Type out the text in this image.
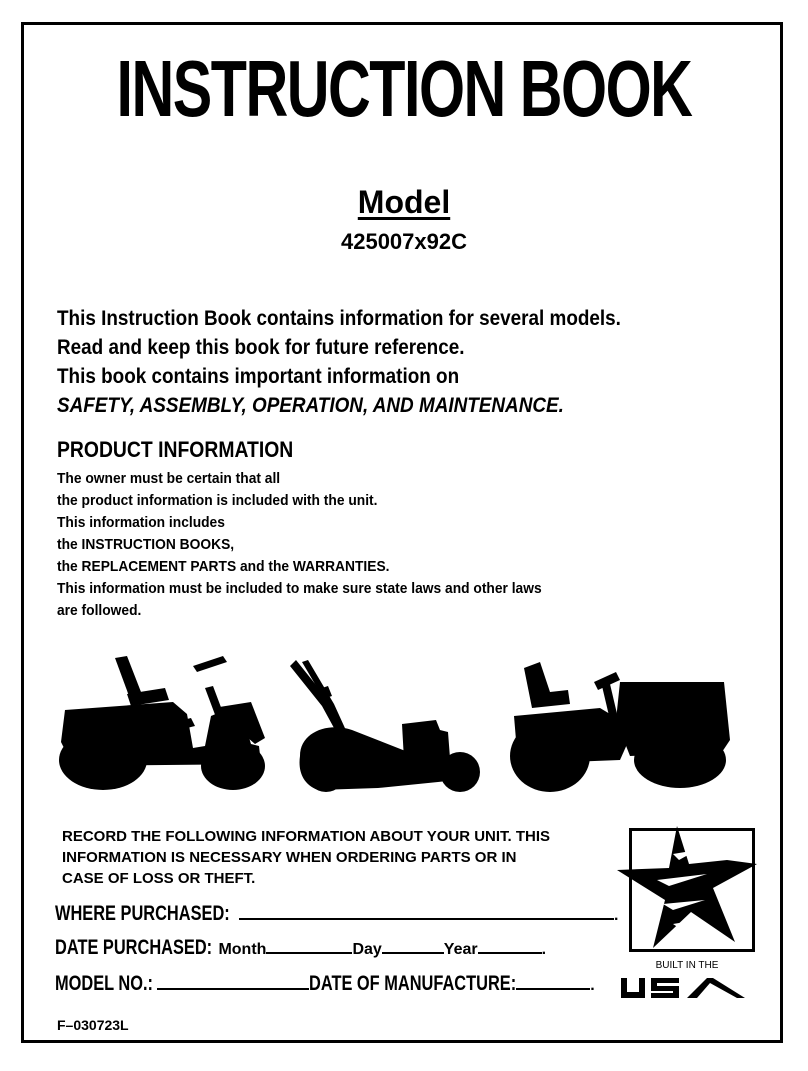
INSTRUCTION BOOK
Model
425007x92C
This Instruction Book contains information for several models.
Read and keep this book for future reference.
This book contains important information on
SAFETY, ASSEMBLY, OPERATION, AND MAINTENANCE.
PRODUCT INFORMATION
The owner must be certain that all
the product information is included with the unit.
This information includes
the INSTRUCTION BOOKS,
the REPLACEMENT PARTS and the WARRANTIES.
This information must be included to make sure state laws and other laws
are followed.
RECORD THE FOLLOWING INFORMATION ABOUT YOUR UNIT. THIS
INFORMATION IS NECESSARY WHEN ORDERING PARTS OR IN
CASE OF LOSS OR THEFT.
WHERE PURCHASED:	.
DATE PURCHASED: Month	Day	Year	.
MODEL NO.:	DATE OF MANUFACTURE:	.
BUILT IN THE
USA
F–030723L
